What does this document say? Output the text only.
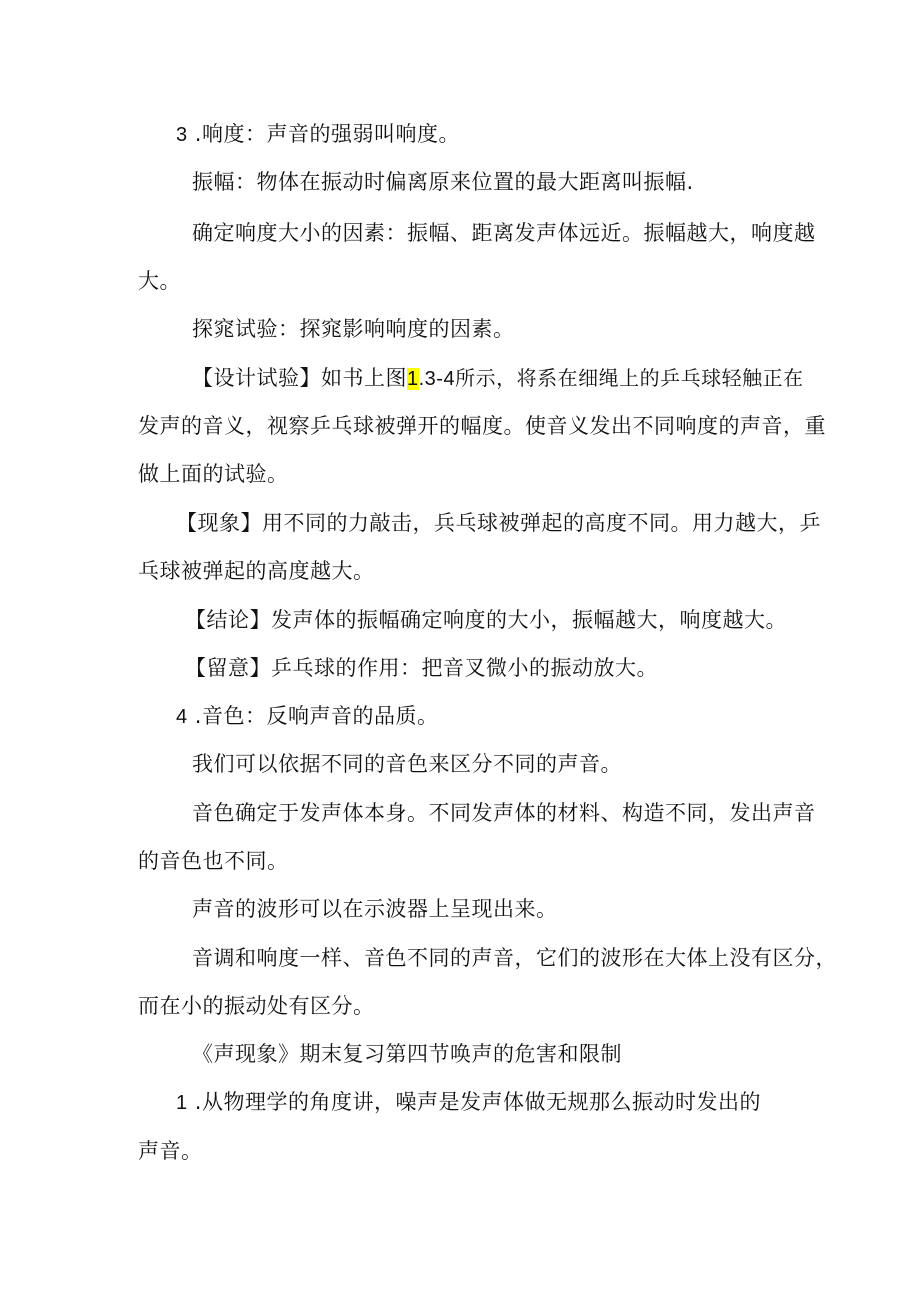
3 .响度：声音的强弱叫响度。
振幅：物体在振动时偏离原来位置的最大距离叫振幅.
确定响度大小的因素：振幅、距离发声体远近。振幅越大，响度越
大。
探窕试验：探窕影响响度的因素。
【设计试验】如书上图1.3-4所示，将系在细绳上的乒乓球轻触正在
发声的音义，视察乒乓球被弹开的幅度。使音义发出不同响度的声音，重
做上面的试验。
【现象】用不同的力敲击，兵乓球被弹起的高度不同。用力越大，乒
乓球被弹起的高度越大。
【结论】发声体的振幅确定响度的大小，振幅越大，响度越大。
【留意】乒乓球的作用：把音叉微小的振动放大。
4 .音色：反响声音的品质。
我们可以依据不同的音色来区分不同的声音。
音色确定于发声体本身。不同发声体的材料、构造不同，发出声音
的音色也不同。
声音的波形可以在示波器上呈现出来。
音调和响度一样、音色不同的声音，它们的波形在大体上没有区分，
而在小的振动处有区分。
《声现象》期末复习第四节唤声的危害和限制
1 .从物理学的角度讲，噪声是发声体做无规那么振动时发出的
声音。
